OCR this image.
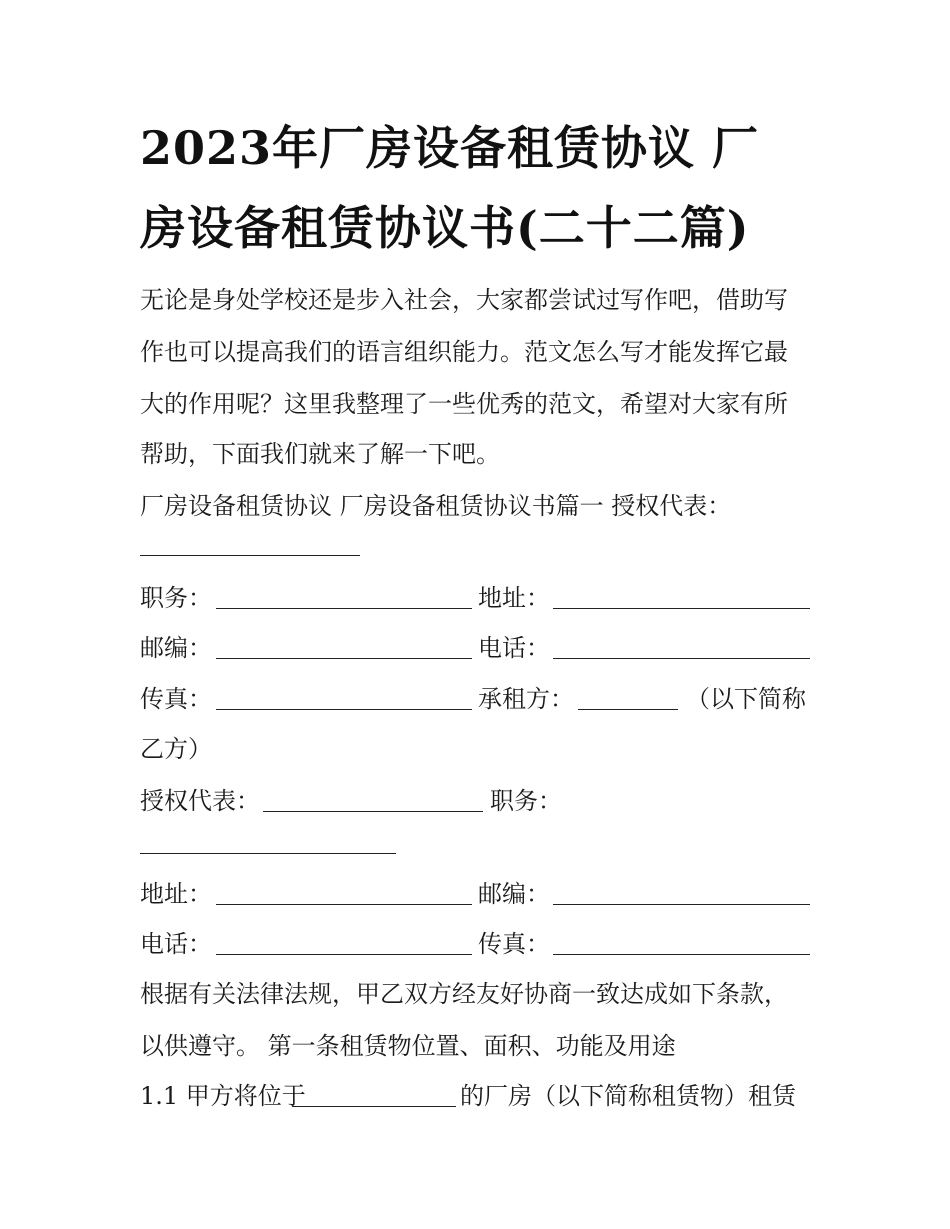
2023年厂房设备租赁协议 厂
房设备租赁协议书(二十二篇)
无论是身处学校还是步入社会，大家都尝试过写作吧，借助写
作也可以提高我们的语言组织能力。范文怎么写才能发挥它最
大的作用呢？这里我整理了一些优秀的范文，希望对大家有所
帮助，下面我们就来了解一下吧。
厂房设备租赁协议 厂房设备租赁协议书篇一 授权代表：
职务：	地址：
邮编：	电话：
传真：	承租方：	（以下简称
乙方）
授权代表：	职务：
地址：	邮编：
电话：	传真：
根据有关法律法规，甲乙双方经友好协商一致达成如下条款，
以供遵守。 第一条租赁物位置、面积、功能及用途
1.1 甲方将位于	的厂房（以下简称租赁物）租赁
